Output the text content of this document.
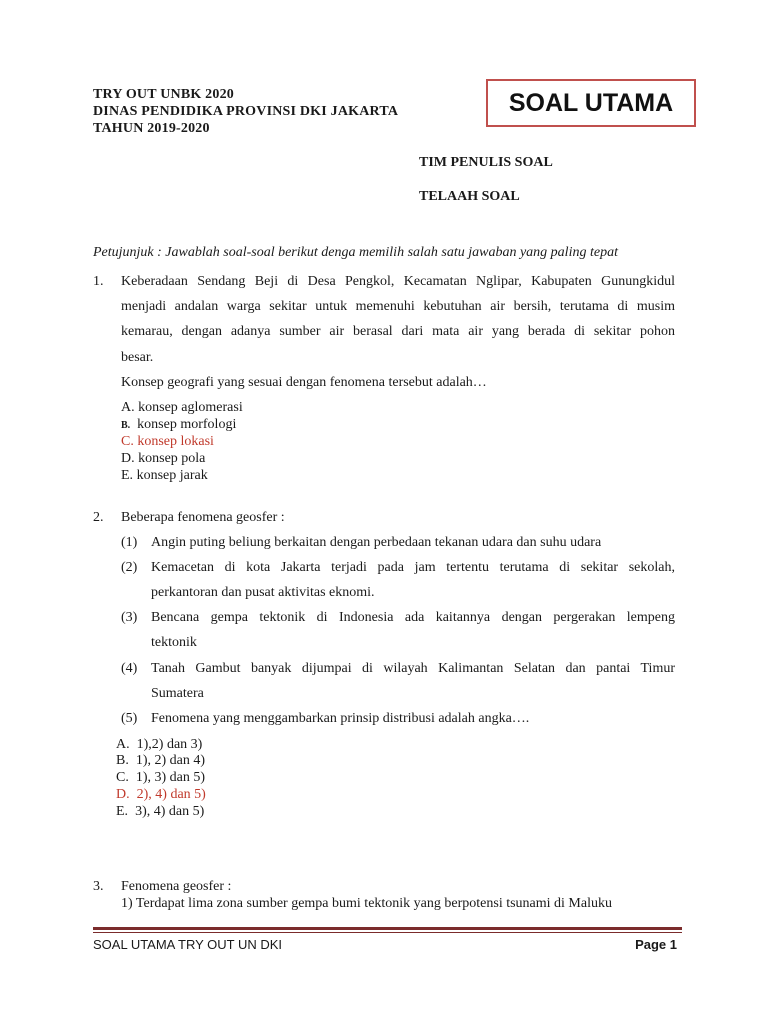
TRY OUT UNBK 2020
DINAS PENDIDIKA PROVINSI DKI JAKARTA
TAHUN 2019-2020
SOAL UTAMA
TIM PENULIS SOAL
TELAAH SOAL
Petujunjuk : Jawablah soal-soal berikut denga memilih salah satu jawaban yang paling tepat
1. Keberadaan Sendang Beji di Desa Pengkol, Kecamatan Nglipar, Kabupaten Gunungkidul
menjadi andalan warga sekitar untuk memenuhi kebutuhan air bersih, terutama di musim
kemarau, dengan adanya sumber air berasal dari mata air yang berada di sekitar pohon
besar.
Konsep geografi yang sesuai dengan fenomena tersebut adalah…
A. konsep aglomerasi
B. konsep morfologi
C. konsep lokasi
D. konsep pola
E. konsep jarak
2. Beberapa fenomena geosfer :
(1) Angin puting beliung berkaitan dengan perbedaan tekanan udara dan suhu udara
(2) Kemacetan di kota Jakarta terjadi pada jam tertentu terutama di sekitar sekolah,
perkantoran dan pusat aktivitas eknomi.
(3) Bencana gempa tektonik di Indonesia ada kaitannya dengan pergerakan lempeng
tektonik
(4) Tanah Gambut banyak dijumpai di wilayah Kalimantan Selatan dan pantai Timur
Sumatera
(5) Fenomena yang menggambarkan prinsip distribusi adalah angka….
A. 1),2) dan 3)
B. 1), 2) dan 4)
C. 1), 3) dan 5)
D. 2), 4) dan 5)
E. 3), 4) dan 5)
3. Fenomena geosfer :
1) Terdapat lima zona sumber gempa bumi tektonik yang berpotensi tsunami di Maluku
SOAL UTAMA TRY OUT UN DKI	Page 1
